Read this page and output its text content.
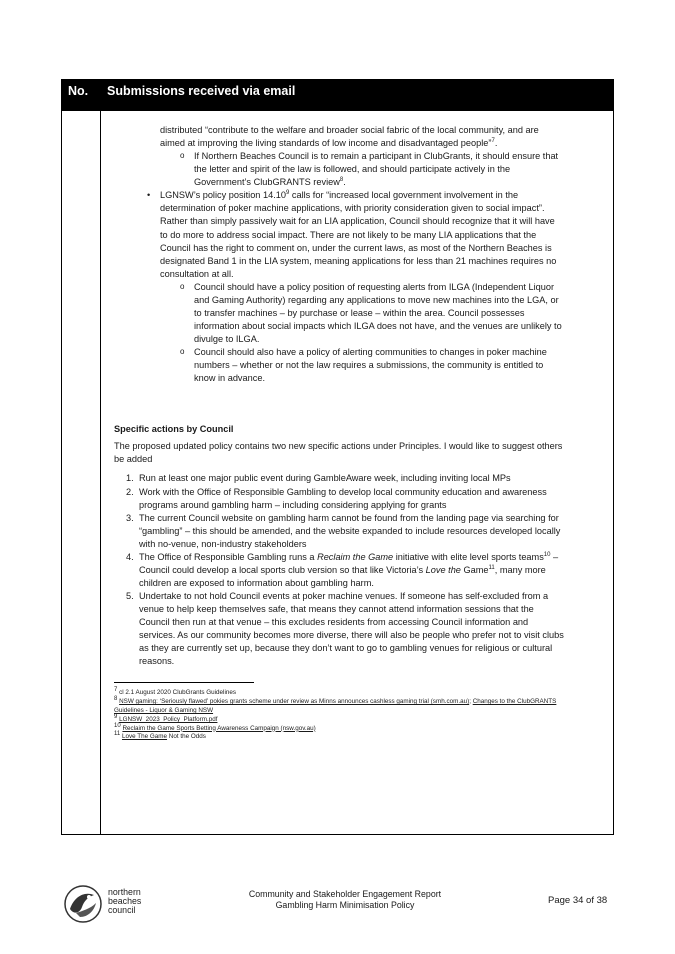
No. Submissions received via email

distributed “contribute to the welfare and broader social fabric of the local community, and are aimed at improving the living standards of low income and disadvantaged people”$^7$.

o If Northern Beaches Council is to remain a participant in ClubGrants, it should ensure that the letter and spirit of the law is followed, and should participate actively in the Government’s ClubGRANTS review$^8$.

• LGNSW’s policy position 14.10$^9$ calls for “increased local government involvement in the determination of poker machine applications, with priority consideration given to social impact”. Rather than simply passively wait for an LIA application, Council should recognize that it will have to do more to address social impact. There are not likely to be many LIA applications that the Council has the right to comment on, under the current laws, as most of the Northern Beaches is designated Band 1 in the LIA system, meaning applications for less than 21 machines requires no consultation at all.

o Council should have a policy position of requesting alerts from ILGA (Independent Liquor and Gaming Authority) regarding any applications to move new machines into the LGA, or to transfer machines – by purchase or lease – within the area. Council possesses information about social impacts which ILGA does not have, and the venues are unlikely to divulge to ILGA.

o Council should also have a policy of alerting communities to changes in poker machine numbers – whether or not the law requires a submissions, the community is entitled to know in advance.

Specific actions by Council

The proposed updated policy contains two new specific actions under Principles. I would like to suggest others be added

1. Run at least one major public event during GambleAware week, including inviting local MPs

2. Work with the Office of Responsible Gambling to develop local community education and awareness programs around gambling harm – including considering applying for grants

3. The current Council website on gambling harm cannot be found from the landing page via searching for “gambling” – this should be amended, and the website expanded to include resources developed locally with no-venue, non-industry stakeholders

4. The Office of Responsible Gambling runs a Reclaim the Game initiative with elite level sports teams$^{10}$ – Council could develop a local sports club version so that like Victoria’s Love the Game$^{11}$, many more children are exposed to information about gambling harm.

5. Undertake to not hold Council events at poker machine venues. If someone has self-excluded from a venue to help keep themselves safe, that means they cannot attend information sessions that the Council then run at that venue – this excludes residents from accessing Council information and services. As our community becomes more diverse, there will also be people who prefer not to visit clubs as they are currently set up, because they don’t want to go to gambling venues for religious or cultural reasons.

$^7$ cl 2.1 August 2020 ClubGrants Guidelines
$^8$ NSW gaming: ‘Seriously flawed’ pokies grants scheme under review as Minns announces cashless gaming trial (smh.com.au); Changes to the ClubGRANTS Guidelines - Liquor & Gaming NSW
$^9$ LGNSW_2023_Policy_Platform.pdf
$^{10}$ Reclaim the Game Sports Betting Awareness Campaign (nsw.gov.au)
$^{11}$ Love The Game Not the Odds
northern
beaches
council
Community and Stakeholder Engagement Report
Gambling Harm Minimisation Policy	Page 34 of 38
